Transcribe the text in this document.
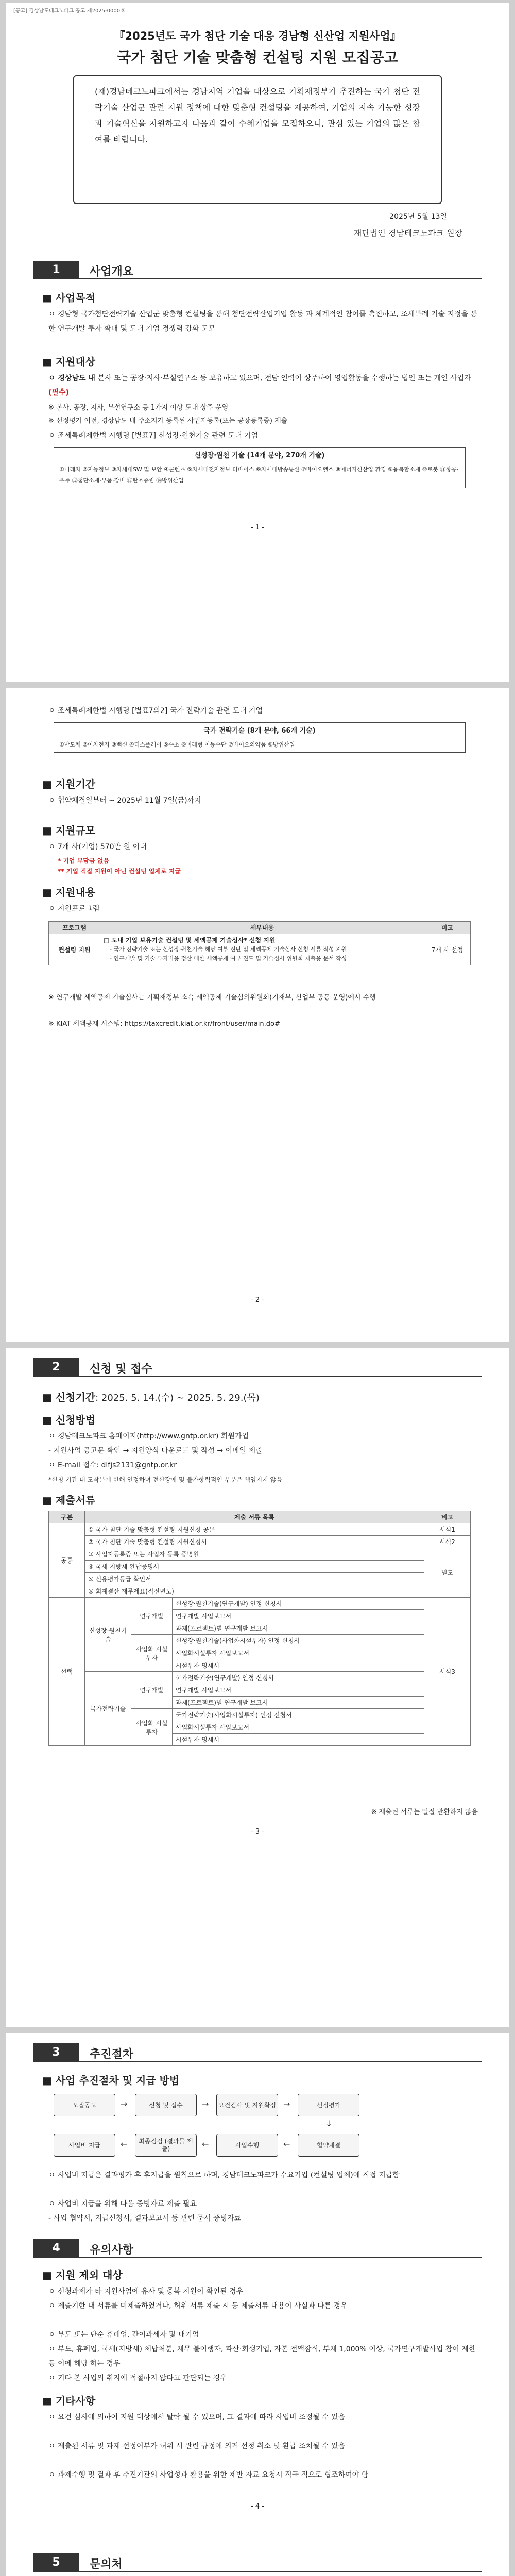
[공고] 경상남도테크노파크 공고 제2025-0000호
『2025년도 국가 첨단 기술 대응 경남형 신산업 지원사업』
국가 첨단 기술 맞춤형 컨설팅 지원 모집공고
(재)경남테크노파크에서는 경남지역 기업을 대상으로 기획재정부가 추진하는 국가 첨단 전략기술 산업군 관련 지원 정책에 대한 맞춤형 컨설팅을 제공하여, 기업의 지속 가능한 성장과 기술혁신을 지원하고자 다음과 같이 수혜기업을 모집하오니, 관심 있는 기업의 많은 참여를 바랍니다.
2025년 5월 13일
재단법인 경남테크노파크 원장
1	사업개요
■ 사업목적
ㅇ 경남형 국가첨단전략기술 산업군 맞춤형 컨설팅을 통해 첨단전략산업기업 활동 과 체계적인 참여를 촉진하고, 조세특례 기술 지정을 통한 연구개발 투자 확대 및 도내 기업 경쟁력 강화 도모
■ 지원대상
ㅇ 경상남도 내 본사 또는 공장·지사·부설연구소 등 보유하고 있으며, 전담 인력이 상주하여 영업활동을 수행하는 법인 또는 개인 사업자(필수)
※ 본사, 공장, 지사, 부설연구소 등 1가지 이상 도내 상주 운영
※ 선정평가 이전, 경상남도 내 주소지가 등록된 사업자등록(또는 공장등록증) 제출
ㅇ 조세특례제한법 시행령 [별표7] 신성장·원천기술 관련 도내 기업
신성장·원천 기술 (14개 분야, 270개 기술)
①미래차 ②지능정보 ③차세대SW 및 보안 ④콘텐츠 ⑤차세대전자정보 디바이스 ⑥차세대방송통신 ⑦바이오헬스 ⑧에너지신산업 환경 ⑨융복합소재 ⑩로봇 ⑪항공·우주 ⑫첨단소재·부품·장비 ⑬탄소중립 ⑭방위산업
- 1 -
ㅇ 조세특례제한법 시행령 [별표7의2] 국가 전략기술 관련 도내 기업
국가 전략기술 (8개 분야, 66개 기술)
①반도체 ②이차전지 ③백신 ④디스플레이 ⑤수소 ⑥미래형 이동수단 ⑦바이오의약품 ⑧방위산업
■ 지원기간
ㅇ 협약체결일부터 ~ 2025년 11월 7일(금)까지
■ 지원규모
ㅇ 7개 사(기업) 570만 원 이내
* 기업 부담금 없음
** 기업 직접 지원이 아닌 컨설팅 업체로 지급
■ 지원내용
ㅇ 지원프로그램
프로그램	세부내용	비고
컨설팅 지원	□ 도내 기업 보유기술 컨설팅 및 세액공제 기술심사* 신청 지원
- 국가 전략기술 또는 신성장·원천기술 해당 여부 진단 및 세액공제 기술심사 신청 서류 작성 지원
- 연구개발 및 기술 투자비용 정산 대한 세액공제 여부 진도 및 기술심사 위원회 제출용 문서 작성	7개 사 선정
※ 연구개발 세액공제 기술심사는 기획재정부 소속 세액공제 기술심의위원회(기재부, 산업부 공동 운영)에서 수행
※ KIAT 세액공제 시스템: https://taxcredit.kiat.or.kr/front/user/main.do#
- 2 -
2	신청 및 접수
■ 신청기간: 2025. 5. 14.(수) ~ 2025. 5. 29.(목)
■ 신청방법
ㅇ 경남테크노파크 홈페이지(http://www.gntp.or.kr) 회원가입
- 지원사업 공고문 확인 → 지원양식 다운로드 및 작성 → 이메일 제출
ㅇ E-mail 접수: dlfjs2131@gntp.or.kr
*신청 기간 내 도착분에 한해 인정하며 전산장애 및 불가항력적인 부분은 책임지지 않음
■ 제출서류
구분	제출 서류 목록			비고
공통	① 국가 첨단 기술 맞춤형 컨설팅 지원신청 공문			서식1
	② 국가 첨단 기술 맞춤형 컨설팅 지원신청서			서식2
	③ 사업자등록증 또는 사업자 등록 증명원			별도
	④ 국세 지방세 완납증명서			
	⑤ 신용평가등급 확인서			
	⑥ 회계결산 재무제표(직전년도)			
선택	신성장·원천기술	연구개발	신성장·원천기술(연구개발) 인정 신청서	서식3
			연구개발 사업보고서	
			과제(프로젝트)별 연구개발 보고서	
		사업화 시설투자	신성장·원천기술(사업화시설투자) 인정 신청서	
			사업화시설투자 사업보고서	
			시설투자 명세서	
	국가전략기술	연구개발	국가전략기술(연구개발) 인정 신청서	
			연구개발 사업보고서	
			과제(프로젝트)별 연구개발 보고서	
		사업화 시설투자	국가전략기술(사업화시설투자) 인정 신청서	
			사업화시설투자 사업보고서	
			시설투자 명세서	
※ 제출된 서류는 일절 반환하지 않음
- 3 -
3	추진절차
■ 사업 추진절차 및 지급 방법
모집공고	→	신청 및 접수	→	요건검사 및 지원확정 →	선정평가
↓
협약체결
←
사업수행
←
최종점검 (결과물 제출)
←
사업비 지급
ㅇ 사업비 지급은 결과평가 후 후지급을 원칙으로 하며, 경남테크노파크가 수요기업 (컨설팅 업체)에 직접 지급함
ㅇ 사업비 지급을 위해 다음 증빙자료 제출 필요
- 사업 협약서, 지급신청서, 결과보고서 등 관련 문서 증빙자료
4	유의사항
■ 지원 제외 대상
ㅇ 신청과제가 타 지원사업에 유사 및 중복 지원이 확인된 경우
ㅇ 제출기한 내 서류를 미제출하였거나, 허위 서류 제출 시 등 제출서류 내용이 사실과 다른 경우
ㅇ 부도 또는 단순 휴폐업, 간이과세자 및 대기업
ㅇ 부도, 휴폐업, 국세(지방세) 체납처분, 채무 불이행자, 파산·회생기업, 자본 전액잠식, 부채 1,000% 이상, 국가연구개발사업 참여 제한 등 이에 해당 하는 경우
ㅇ 기타 본 사업의 취지에 적절하지 않다고 판단되는 경우
■ 기타사항
ㅇ 요건 심사에 의하여 지원 대상에서 탈락 될 수 있으며, 그 결과에 따라 사업비 조정될 수 있음
ㅇ 제출된 서류 및 과제 선정여부가 허위 시 관련 규정에 의거 선정 취소 및 환급 조치될 수 있음
ㅇ 과제수행 및 결과 후 추진기관의 사업성과 활용을 위한 제반 자료 요청시 적극 적으로 협조하여야 함
- 4 -
5	문의처
